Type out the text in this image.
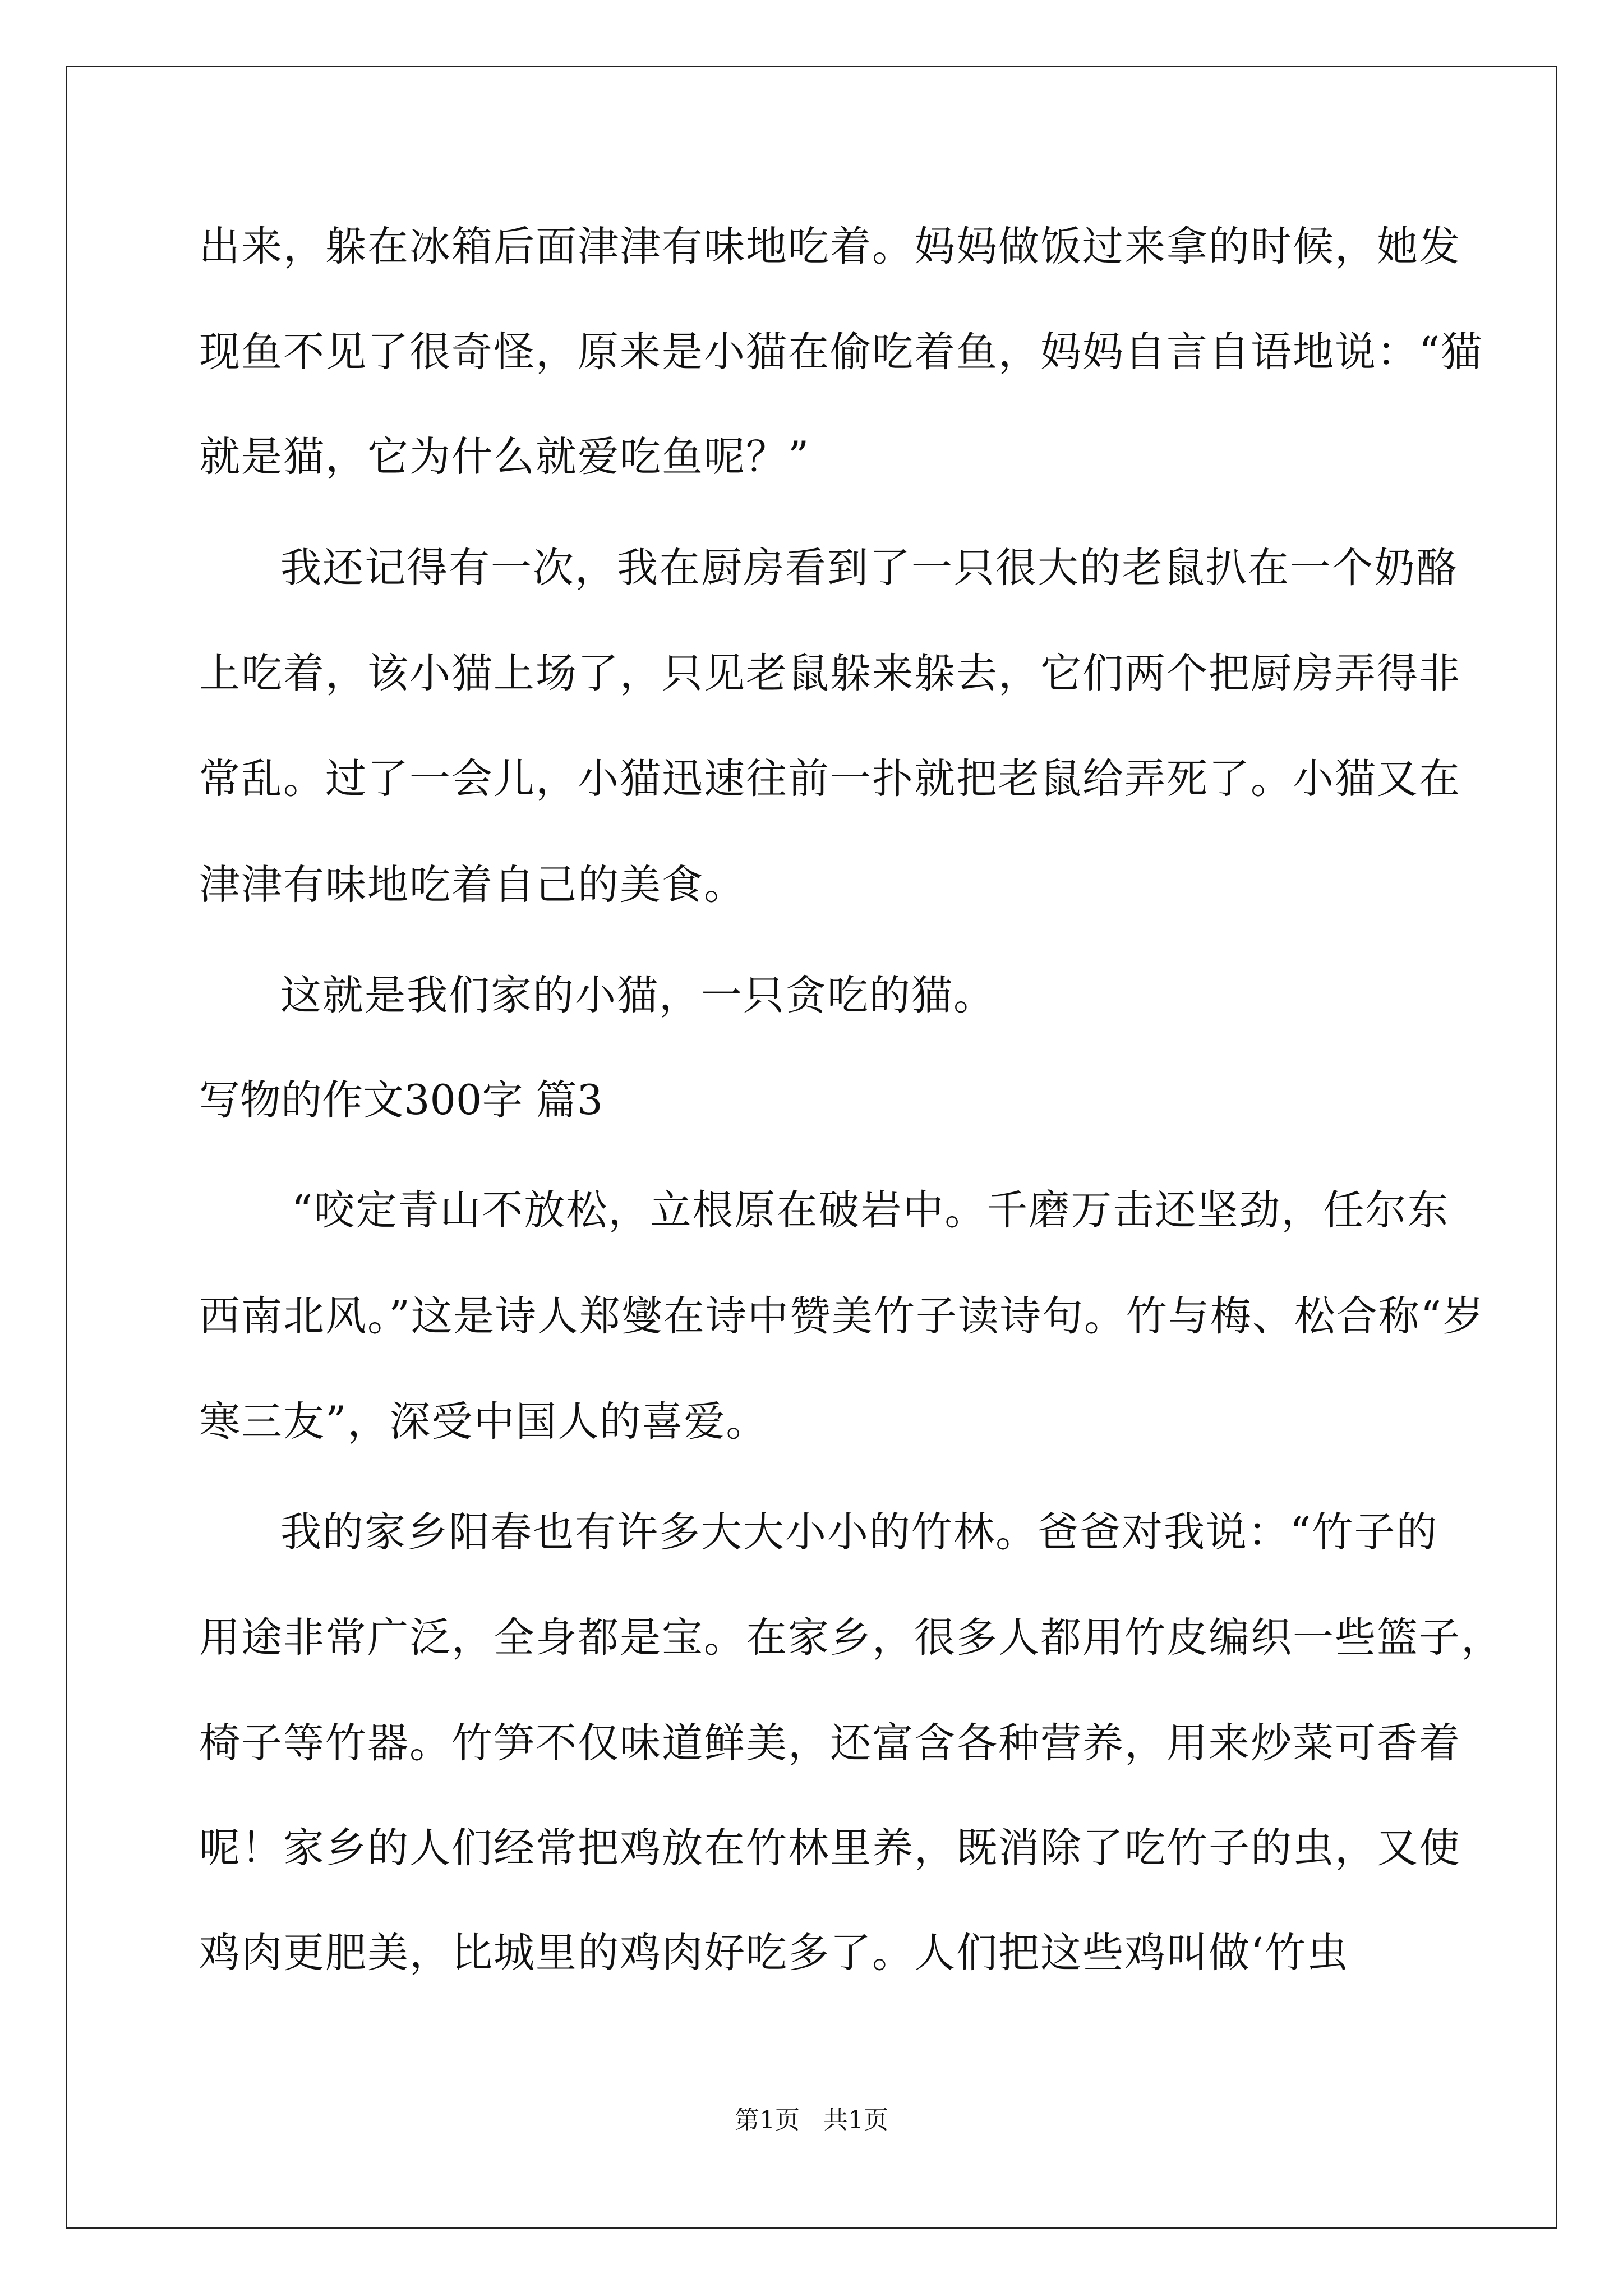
出来，躲在冰箱后面津津有味地吃着。妈妈做饭过来拿的时候，她发
现鱼不见了很奇怪，原来是小猫在偷吃着鱼，妈妈自言自语地说：“猫
就是猫，它为什么就爱吃鱼呢？”
我还记得有一次，我在厨房看到了一只很大的老鼠扒在一个奶酪
上吃着，该小猫上场了，只见老鼠躲来躲去，它们两个把厨房弄得非
常乱。过了一会儿，小猫迅速往前一扑就把老鼠给弄死了。小猫又在
津津有味地吃着自己的美食。
这就是我们家的小猫，一只贪吃的猫。
写物的作文300字 篇3
“咬定青山不放松，立根原在破岩中。千磨万击还坚劲，任尔东
西南北风。”这是诗人郑燮在诗中赞美竹子读诗句。竹与梅、松合称“岁
寒三友”，深受中国人的喜爱。
我的家乡阳春也有许多大大小小的竹林。爸爸对我说：“竹子的
用途非常广泛，全身都是宝。在家乡，很多人都用竹皮编织一些篮子，
椅子等竹器。竹笋不仅味道鲜美，还富含各种营养，用来炒菜可香着
呢！家乡的人们经常把鸡放在竹林里养，既消除了吃竹子的虫，又使
鸡肉更肥美，比城里的鸡肉好吃多了。人们把这些鸡叫做‘竹虫
第1页   共1页
